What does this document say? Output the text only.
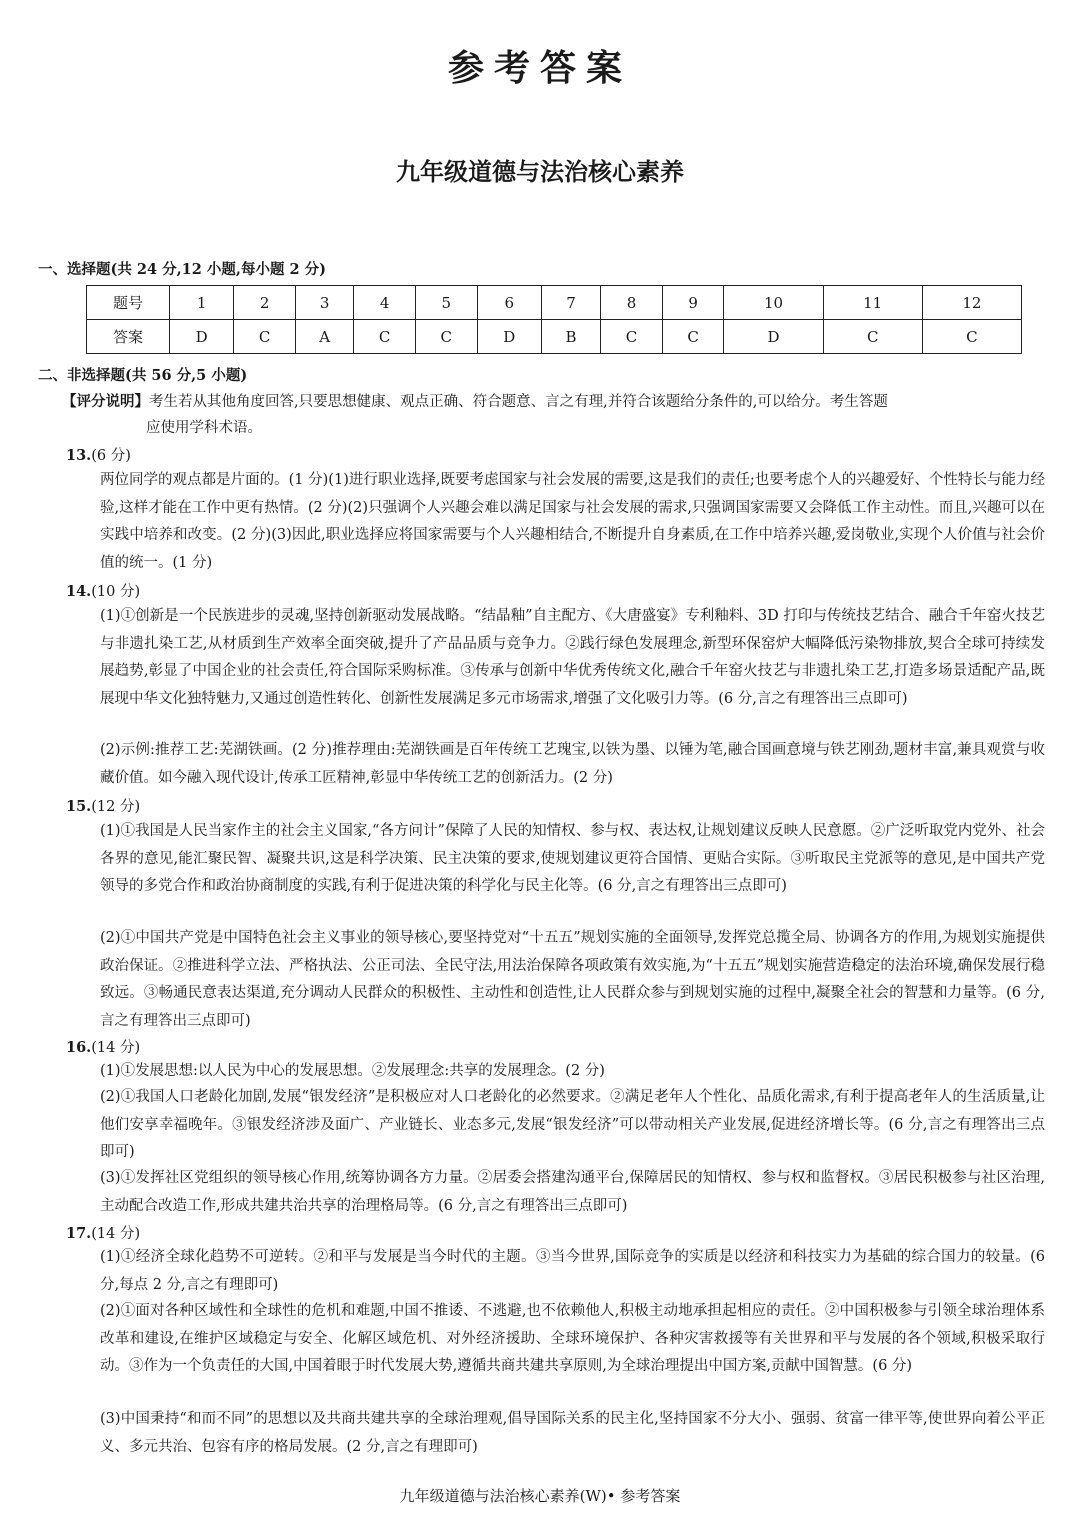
参考答案
九年级道德与法治核心素养
一、选择题(共 24 分,12 小题,每小题 2 分)
题号	1	2	3	4	5	6	7	8	9	10	11	12
答案	D	C	A	C	C	D	B	C	C	D	C	C
二、非选择题(共 56 分,5 小题)
【评分说明】考生若从其他角度回答,只要思想健康、观点正确、符合题意、言之有理,并符合该题给分条件的,可以给分。考生答题
应使用学科术语。
13.(6 分)
两位同学的观点都是片面的。(1 分)(1)进行职业选择,既要考虑国家与社会发展的需要,这是我们的责任;也要考虑个人的兴趣爱好、个性特长与能力经验,这样才能在工作中更有热情。(2 分)(2)只强调个人兴趣会难以满足国家与社会发展的需求,只强调国家需要又会降低工作主动性。而且,兴趣可以在实践中培养和改变。(2 分)(3)因此,职业选择应将国家需要与个人兴趣相结合,不断提升自身素质,在工作中培养兴趣,爱岗敬业,实现个人价值与社会价值的统一。(1 分)
14.(10 分)
(1)①创新是一个民族进步的灵魂,坚持创新驱动发展战略。“结晶釉”自主配方、《大唐盛宴》专利釉料、3D 打印与传统技艺结合、融合千年窑火技艺与非遗扎染工艺,从材质到生产效率全面突破,提升了产品品质与竞争力。②践行绿色发展理念,新型环保窑炉大幅降低污染物排放,契合全球可持续发展趋势,彰显了中国企业的社会责任,符合国际采购标准。③传承与创新中华优秀传统文化,融合千年窑火技艺与非遗扎染工艺,打造多场景适配产品,既展现中华文化独特魅力,又通过创造性转化、创新性发展满足多元市场需求,增强了文化吸引力等。(6 分,言之有理答出三点即可)
(2)示例:推荐工艺:芜湖铁画。(2 分)推荐理由:芜湖铁画是百年传统工艺瑰宝,以铁为墨、以锤为笔,融合国画意境与铁艺刚劲,题材丰富,兼具观赏与收藏价值。如今融入现代设计,传承工匠精神,彰显中华传统工艺的创新活力。(2 分)
15.(12 分)
(1)①我国是人民当家作主的社会主义国家,“各方问计”保障了人民的知情权、参与权、表达权,让规划建议反映人民意愿。②广泛听取党内党外、社会各界的意见,能汇聚民智、凝聚共识,这是科学决策、民主决策的要求,使规划建议更符合国情、更贴合实际。③听取民主党派等的意见,是中国共产党领导的多党合作和政治协商制度的实践,有利于促进决策的科学化与民主化等。(6 分,言之有理答出三点即可)
(2)①中国共产党是中国特色社会主义事业的领导核心,要坚持党对“十五五”规划实施的全面领导,发挥党总揽全局、协调各方的作用,为规划实施提供政治保证。②推进科学立法、严格执法、公正司法、全民守法,用法治保障各项政策有效实施,为“十五五”规划实施营造稳定的法治环境,确保发展行稳致远。③畅通民意表达渠道,充分调动人民群众的积极性、主动性和创造性,让人民群众参与到规划实施的过程中,凝聚全社会的智慧和力量等。(6 分,言之有理答出三点即可)
16.(14 分)
(1)①发展思想:以人民为中心的发展思想。②发展理念:共享的发展理念。(2 分)
(2)①我国人口老龄化加剧,发展“银发经济”是积极应对人口老龄化的必然要求。②满足老年人个性化、品质化需求,有利于提高老年人的生活质量,让他们安享幸福晚年。③银发经济涉及面广、产业链长、业态多元,发展“银发经济”可以带动相关产业发展,促进经济增长等。(6 分,言之有理答出三点即可)
(3)①发挥社区党组织的领导核心作用,统筹协调各方力量。②居委会搭建沟通平台,保障居民的知情权、参与权和监督权。③居民积极参与社区治理,主动配合改造工作,形成共建共治共享的治理格局等。(6 分,言之有理答出三点即可)
17.(14 分)
(1)①经济全球化趋势不可逆转。②和平与发展是当今时代的主题。③当今世界,国际竞争的实质是以经济和科技实力为基础的综合国力的较量。(6 分,每点 2 分,言之有理即可)
(2)①面对各种区域性和全球性的危机和难题,中国不推诿、不逃避,也不依赖他人,积极主动地承担起相应的责任。②中国积极参与引领全球治理体系改革和建设,在维护区域稳定与安全、化解区域危机、对外经济援助、全球环境保护、各种灾害救援等有关世界和平与发展的各个领域,积极采取行动。③作为一个负责任的大国,中国着眼于时代发展大势,遵循共商共建共享原则,为全球治理提出中国方案,贡献中国智慧。(6 分)
(3)中国秉持“和而不同”的思想以及共商共建共享的全球治理观,倡导国际关系的民主化,坚持国家不分大小、强弱、贫富一律平等,使世界向着公平正义、多元共治、包容有序的格局发展。(2 分,言之有理即可)
九年级道德与法治核心素养(W)• 参考答案
